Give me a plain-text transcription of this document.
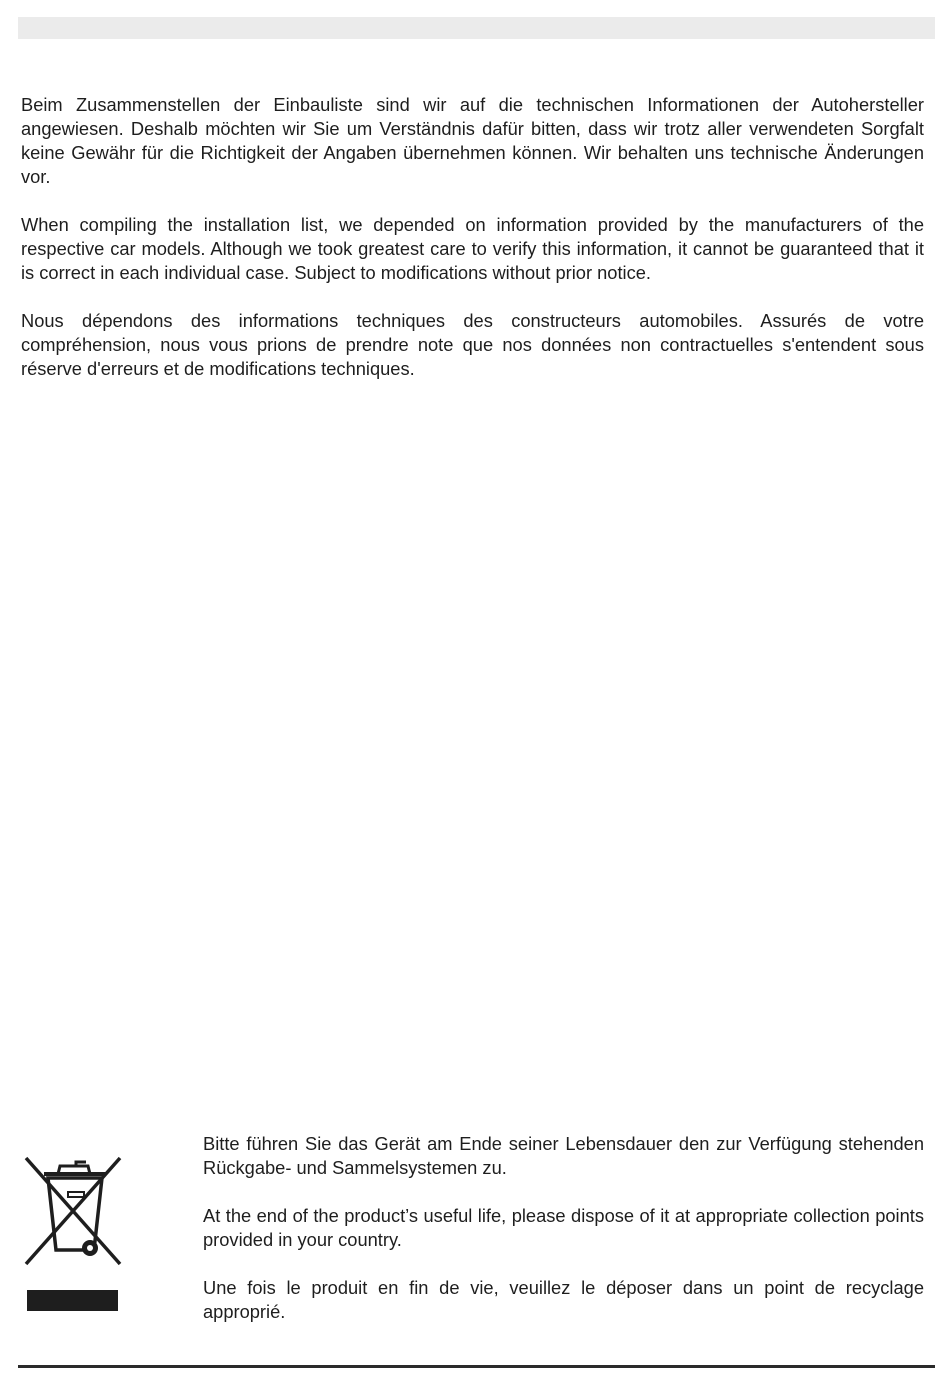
Beim Zusammenstellen der Einbauliste sind wir auf die technischen Informationen der Autohersteller angewiesen. Deshalb möchten wir Sie um Verständnis dafür bitten, dass wir trotz aller verwendeten Sorgfalt keine Gewähr für die Richtigkeit der Angaben übernehmen können. Wir behalten uns technische Änderungen vor.

When compiling the installation list, we depended on information provided by the manufacturers of the respective car models. Although we took greatest care to verify this information, it cannot be guaranteed that it is correct in each individual case. Subject to modifications without prior notice.

Nous dépendons des informations techniques des constructeurs automobiles. Assurés de votre compréhension, nous vous prions de prendre note que nos données non contractuelles s'entendent sous réserve d'erreurs et de modifications techniques.

Bitte führen Sie das Gerät am Ende seiner Lebensdauer den zur Verfügung stehenden Rückgabe- und Sammelsystemen zu.

At the end of the product’s useful life, please dispose of it at appropriate collection points provided in your country.

Une fois le produit en fin de vie, veuillez le déposer dans un point de recyclage approprié.
